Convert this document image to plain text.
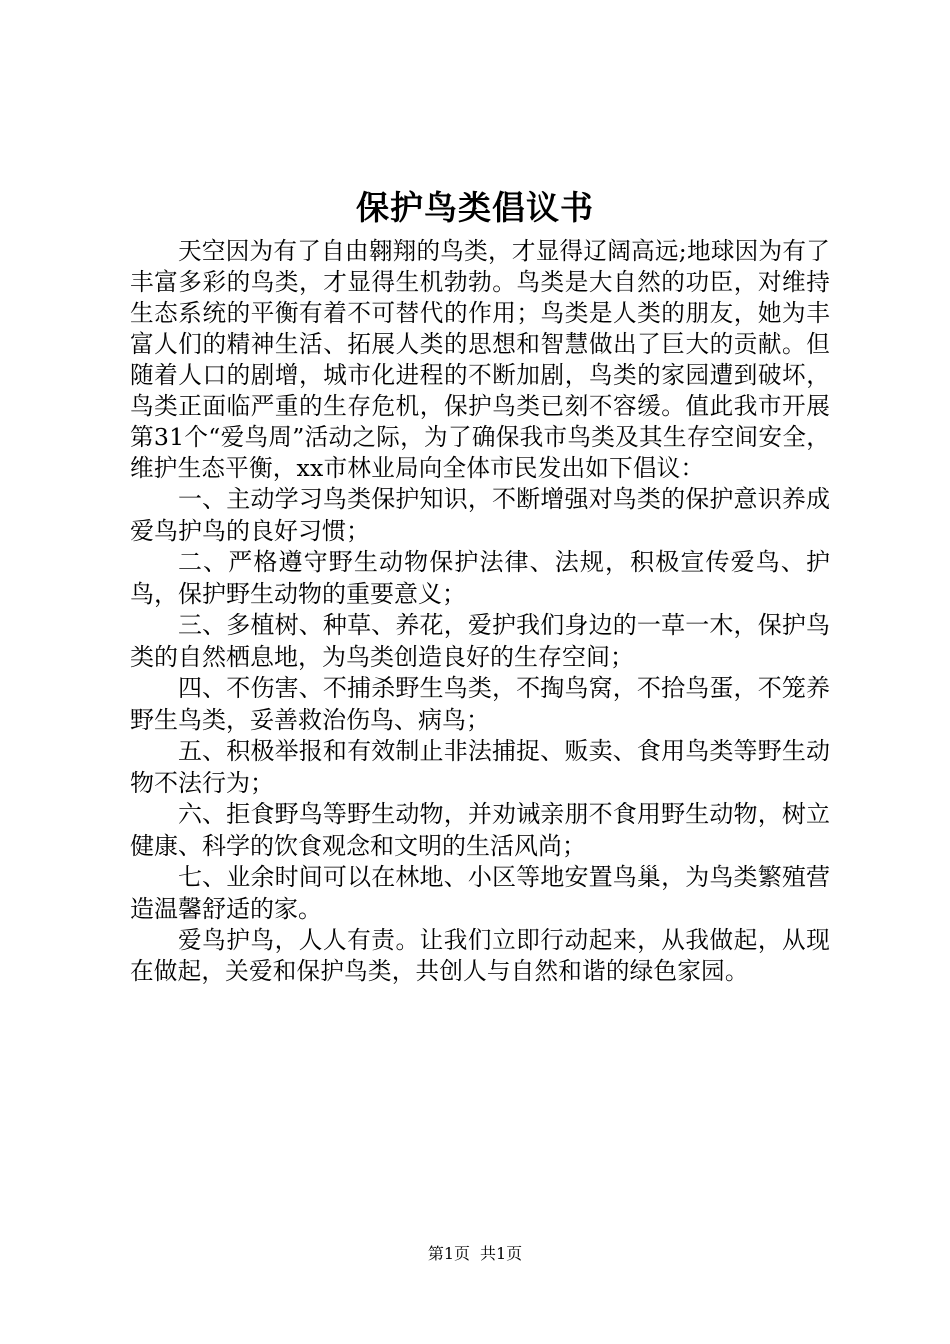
保护鸟类倡议书

天空因为有了自由翱翔的鸟类，才显得辽阔高远;地球因为有了丰富多彩的鸟类，才显得生机勃勃。鸟类是大自然的功臣，对维持生态系统的平衡有着不可替代的作用；鸟类是人类的朋友，她为丰富人们的精神生活、拓展人类的思想和智慧做出了巨大的贡献。但随着人口的剧增，城市化进程的不断加剧，鸟类的家园遭到破坏，鸟类正面临严重的生存危机，保护鸟类已刻不容缓。值此我市开展第31个“爱鸟周”活动之际，为了确保我市鸟类及其生存空间安全，维护生态平衡，xx市林业局向全体市民发出如下倡议：

一、主动学习鸟类保护知识，不断增强对鸟类的保护意识养成爱鸟护鸟的良好习惯；

二、严格遵守野生动物保护法律、法规，积极宣传爱鸟、护鸟，保护野生动物的重要意义；

三、多植树、种草、养花，爱护我们身边的一草一木，保护鸟类的自然栖息地，为鸟类创造良好的生存空间；

四、不伤害、不捕杀野生鸟类，不掏鸟窝，不拾鸟蛋，不笼养野生鸟类，妥善救治伤鸟、病鸟；

五、积极举报和有效制止非法捕捉、贩卖、食用鸟类等野生动物不法行为；

六、拒食野鸟等野生动物，并劝诫亲朋不食用野生动物，树立健康、科学的饮食观念和文明的生活风尚；

七、业余时间可以在林地、小区等地安置鸟巢，为鸟类繁殖营造温馨舒适的家。

爱鸟护鸟，人人有责。让我们立即行动起来，从我做起，从现在做起，关爱和保护鸟类，共创人与自然和谐的绿色家园。

第1页 共1页
